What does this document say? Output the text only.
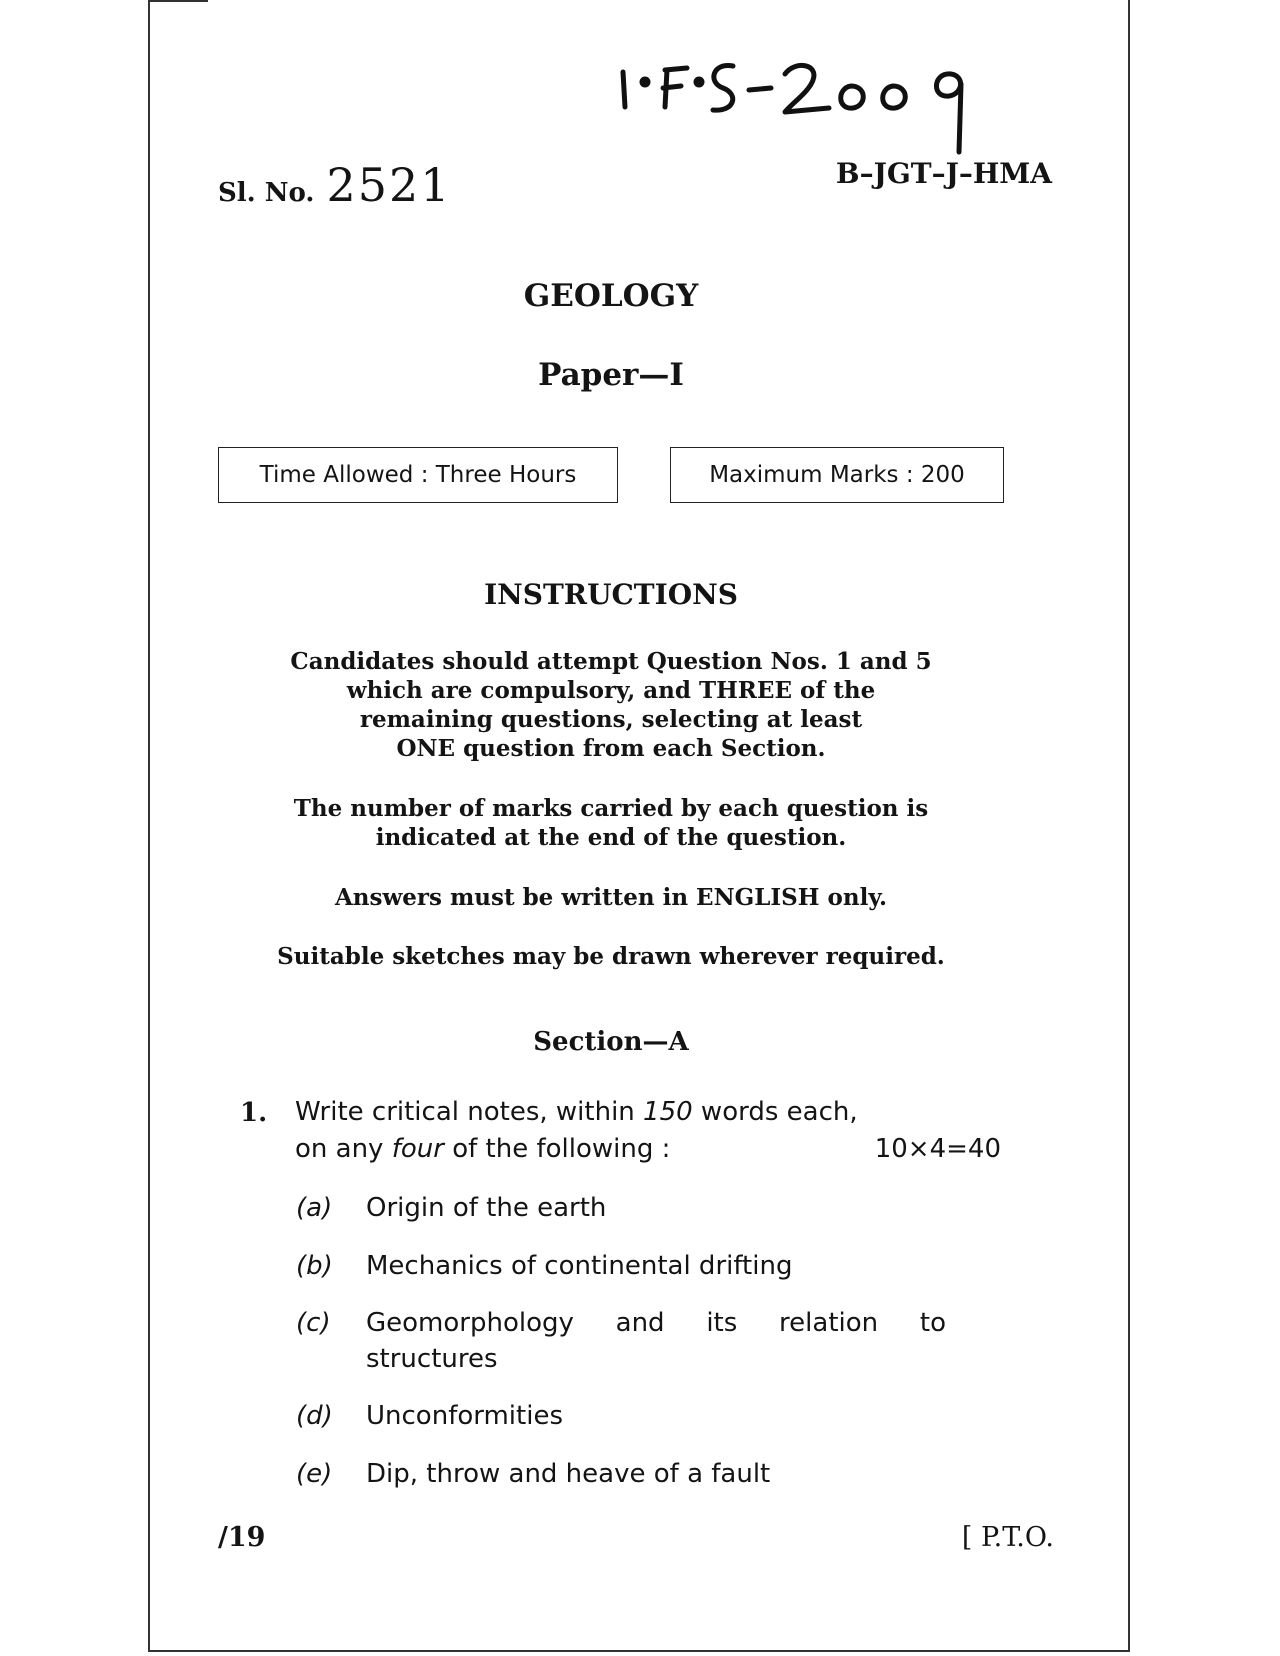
Sl. No. 2521	B–JGT–J–HMA
GEOLOGY
Paper—I
Time Allowed : Three Hours	Maximum Marks : 200
INSTRUCTIONS
Candidates should attempt Question Nos. 1 and 5
which are compulsory, and THREE of the
remaining questions, selecting at least
ONE question from each Section.
The number of marks carried by each question is
indicated at the end of the question.
Answers must be written in ENGLISH only.
Suitable sketches may be drawn wherever required.
Section—A
1. Write critical notes, within 150 words each,
on any four of the following :	10×4=40
(a)	Origin of the earth
(b)	Mechanics of continental drifting
(c)	Geomorphology and its relation to structures
(d)	Unconformities
(e)	Dip, throw and heave of a fault
/19	[ P.T.O.
